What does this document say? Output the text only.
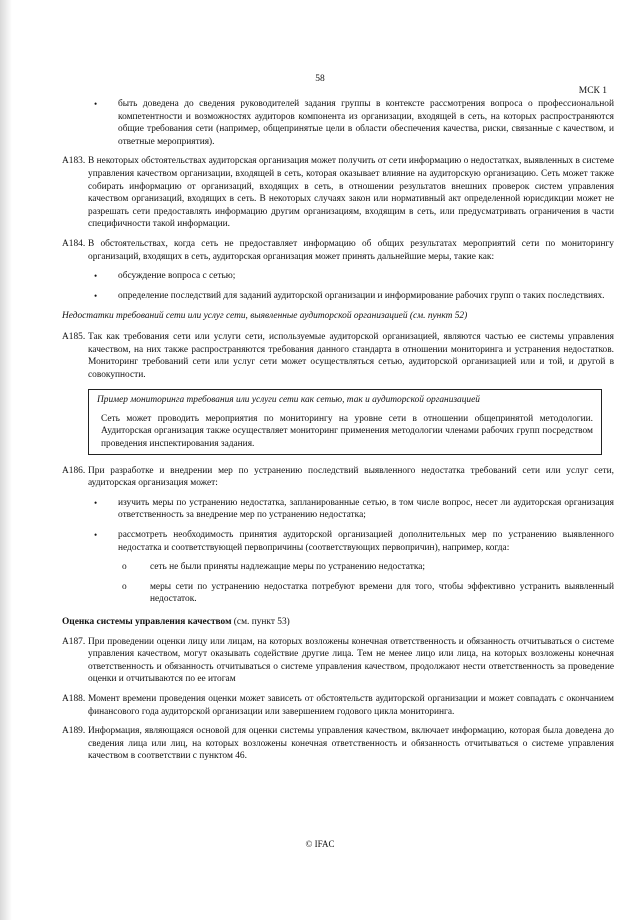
58
МСК 1
• быть доведена до сведения руководителей задания группы в контексте рассмотрения вопроса о профессиональной компетентности и возможностях аудиторов компонента из организации, входящей в сеть, на которых распространяются общие требования сети (например, общепринятые цели в области обеспечения качества, риски, связанные с качеством, и ответные мероприятия).
A183. В некоторых обстоятельствах аудиторская организация может получить от сети информацию о недостатках, выявленных в системе управления качеством организации, входящей в сеть, которая оказывает влияние на аудиторскую организацию. Сеть может также собирать информацию от организаций, входящих в сеть, в отношении результатов внешних проверок систем управления качеством организаций, входящих в сеть. В некоторых случаях закон или нормативный акт определенной юрисдикции может не разрешать сети предоставлять информацию другим организациям, входящим в сеть, или предусматривать ограничения в части специфичности такой информации.
A184. В обстоятельствах, когда сеть не предоставляет информацию об общих результатах мероприятий сети по мониторингу организаций, входящих в сеть, аудиторская организация может принять дальнейшие меры, такие как:
• обсуждение вопроса с сетью;
• определение последствий для заданий аудиторской организации и информирование рабочих групп о таких последствиях.
Недостатки требований сети или услуг сети, выявленные аудиторской организацией (см. пункт 52)
A185. Так как требования сети или услуги сети, используемые аудиторской организацией, являются частью ее системы управления качеством, на них также распространяются требования данного стандарта в отношении мониторинга и устранения недостатков. Мониторинг требований сети или услуг сети может осуществляться сетью, аудиторской организацией или и той, и другой в совокупности.
Пример мониторинга требования или услуги сети как сетью, так и аудиторской организацией
Сеть может проводить мероприятия по мониторингу на уровне сети в отношении общепринятой методологии. Аудиторская организация также осуществляет мониторинг применения методологии членами рабочих групп посредством проведения инспектирования задания.
A186. При разработке и внедрении мер по устранению последствий выявленного недостатка требований сети или услуг сети, аудиторская организация может:
• изучить меры по устранению недостатка, запланированные сетью, в том числе вопрос, несет ли аудиторская организация ответственность за внедрение мер по устранению недостатка;
• рассмотреть необходимость принятия аудиторской организацией дополнительных мер по устранению выявленного недостатка и соответствующей первопричины (соответствующих первопричин), например, когда:
o сеть не были приняты надлежащие меры по устранению недостатка;
o меры сети по устранению недостатка потребуют времени для того, чтобы эффективно устранить выявленный недостаток.
Оценка системы управления качеством (см. пункт 53)
A187. При проведении оценки лицу или лицам, на которых возложены конечная ответственность и обязанность отчитываться о системе управления качеством, могут оказывать содействие другие лица. Тем не менее лицо или лица, на которых возложены конечная ответственность и обязанность отчитываться о системе управления качеством, продолжают нести ответственность за проведение оценки и отчитываются по ее итогам
A188. Момент времени проведения оценки может зависеть от обстоятельств аудиторской организации и может совпадать с окончанием финансового года аудиторской организации или завершением годового цикла мониторинга.
A189. Информация, являющаяся основой для оценки системы управления качеством, включает информацию, которая была доведена до сведения лица или лиц, на которых возложены конечная ответственность и обязанность отчитываться о системе управления качеством в соответствии с пунктом 46.
© IFAC
